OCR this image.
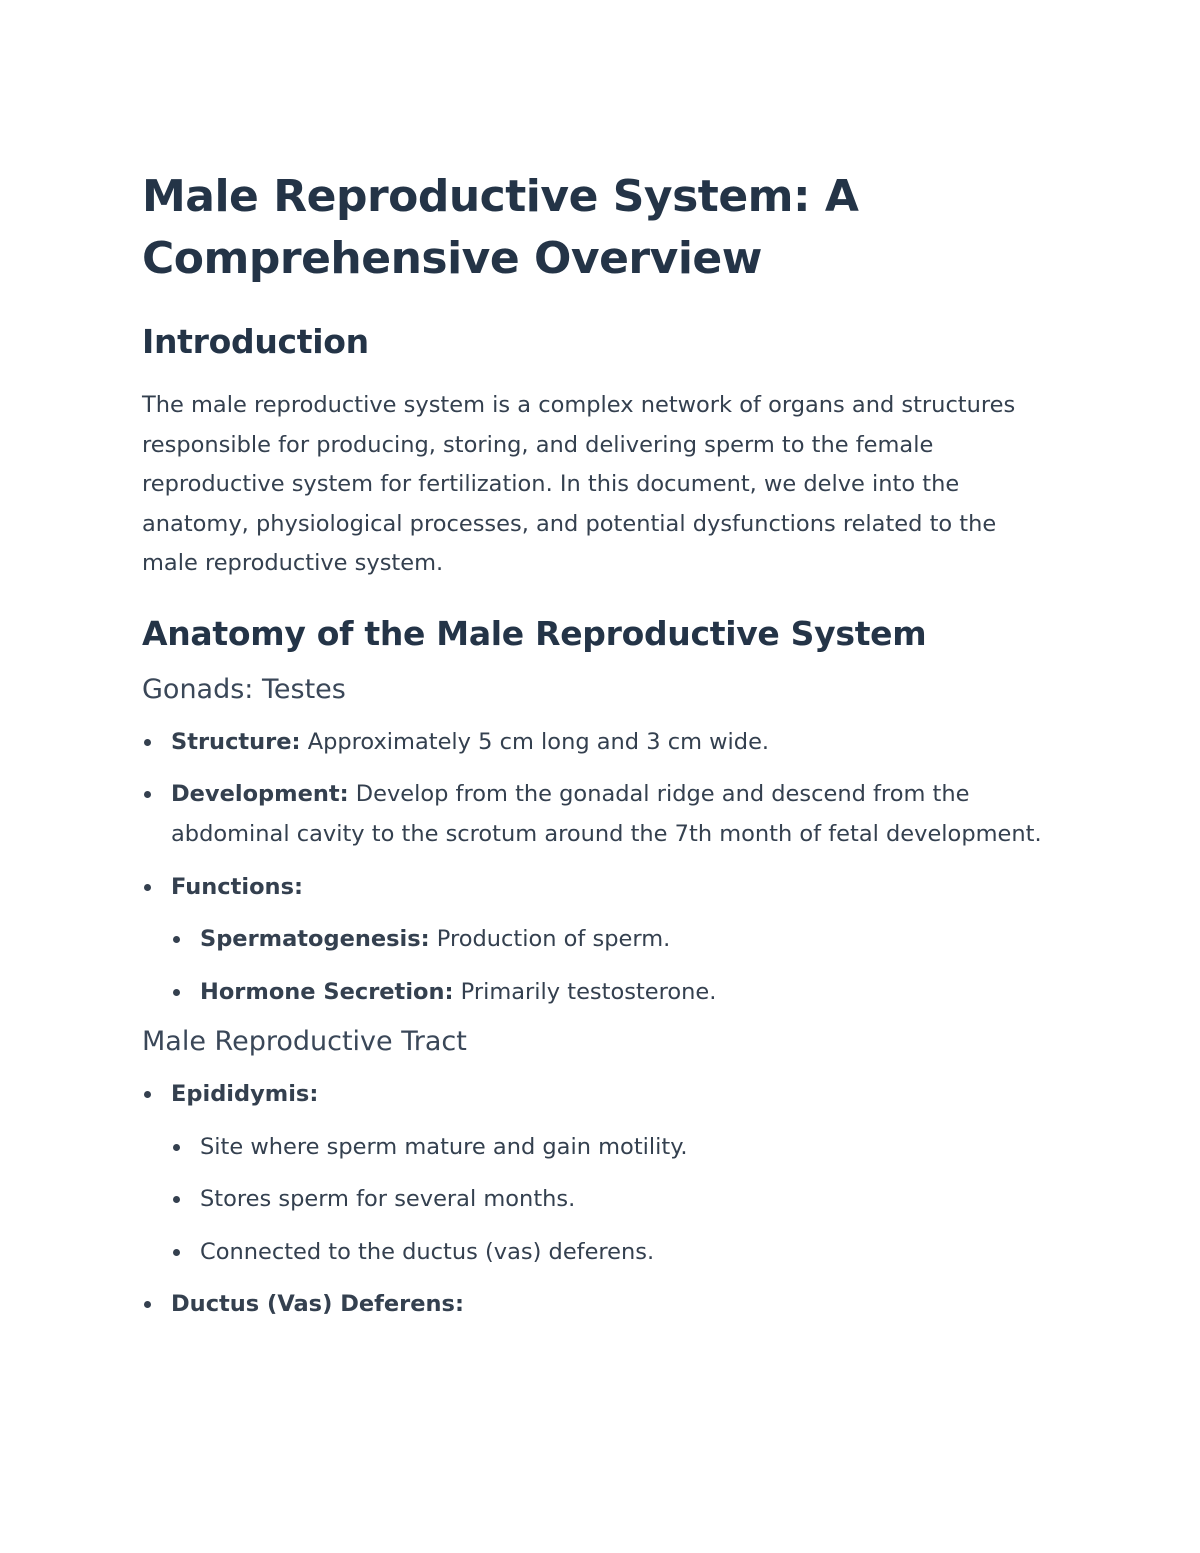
Male Reproductive System: A Comprehensive Overview
Introduction

The male reproductive system is a complex network of organs and structures responsible for producing, storing, and delivering sperm to the female reproductive system for fertilization. In this document, we delve into the anatomy, physiological processes, and potential dysfunctions related to the male reproductive system.

Anatomy of the Male Reproductive System
Gonads: Testes
Structure: Approximately 5 cm long and 3 cm wide.
Development: Develop from the gonadal ridge and descend from the abdominal cavity to the scrotum around the 7th month of fetal development.
Functions:
Spermatogenesis: Production of sperm.
Hormone Secretion: Primarily testosterone.
Male Reproductive Tract
Epididymis:
Site where sperm mature and gain motility.
Stores sperm for several months.
Connected to the ductus (vas) deferens.
Ductus (Vas) Deferens:
